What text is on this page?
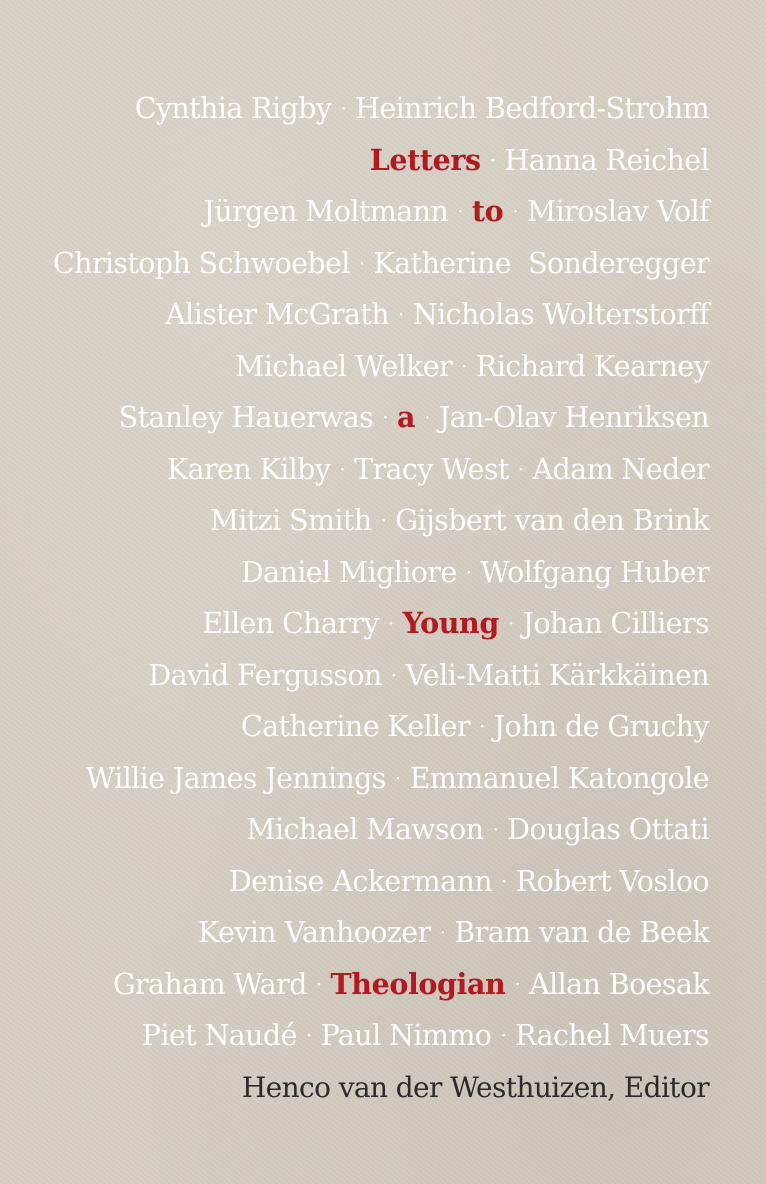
Cynthia Rigby · Heinrich Bedford-Strohm
Letters · Hanna Reichel
Jürgen Moltmann · to · Miroslav Volf
Christoph Schwoebel · Katherine  Sonderegger
Alister McGrath · Nicholas Wolterstorff
Michael Welker · Richard Kearney
Stanley Hauerwas · a · Jan-Olav Henriksen
Karen Kilby · Tracy West · Adam Neder
Mitzi Smith · Gijsbert van den Brink
Daniel Migliore · Wolfgang Huber
Ellen Charry · Young · Johan Cilliers
David Fergusson · Veli-Matti Kärkkäinen
Catherine Keller · John de Gruchy
Willie James Jennings · Emmanuel Katongole
Michael Mawson · Douglas Ottati
Denise Ackermann · Robert Vosloo
Kevin Vanhoozer · Bram van de Beek
Graham Ward · Theologian · Allan Boesak
Piet Naudé · Paul Nimmo · Rachel Muers
Henco van der Westhuizen, Editor
